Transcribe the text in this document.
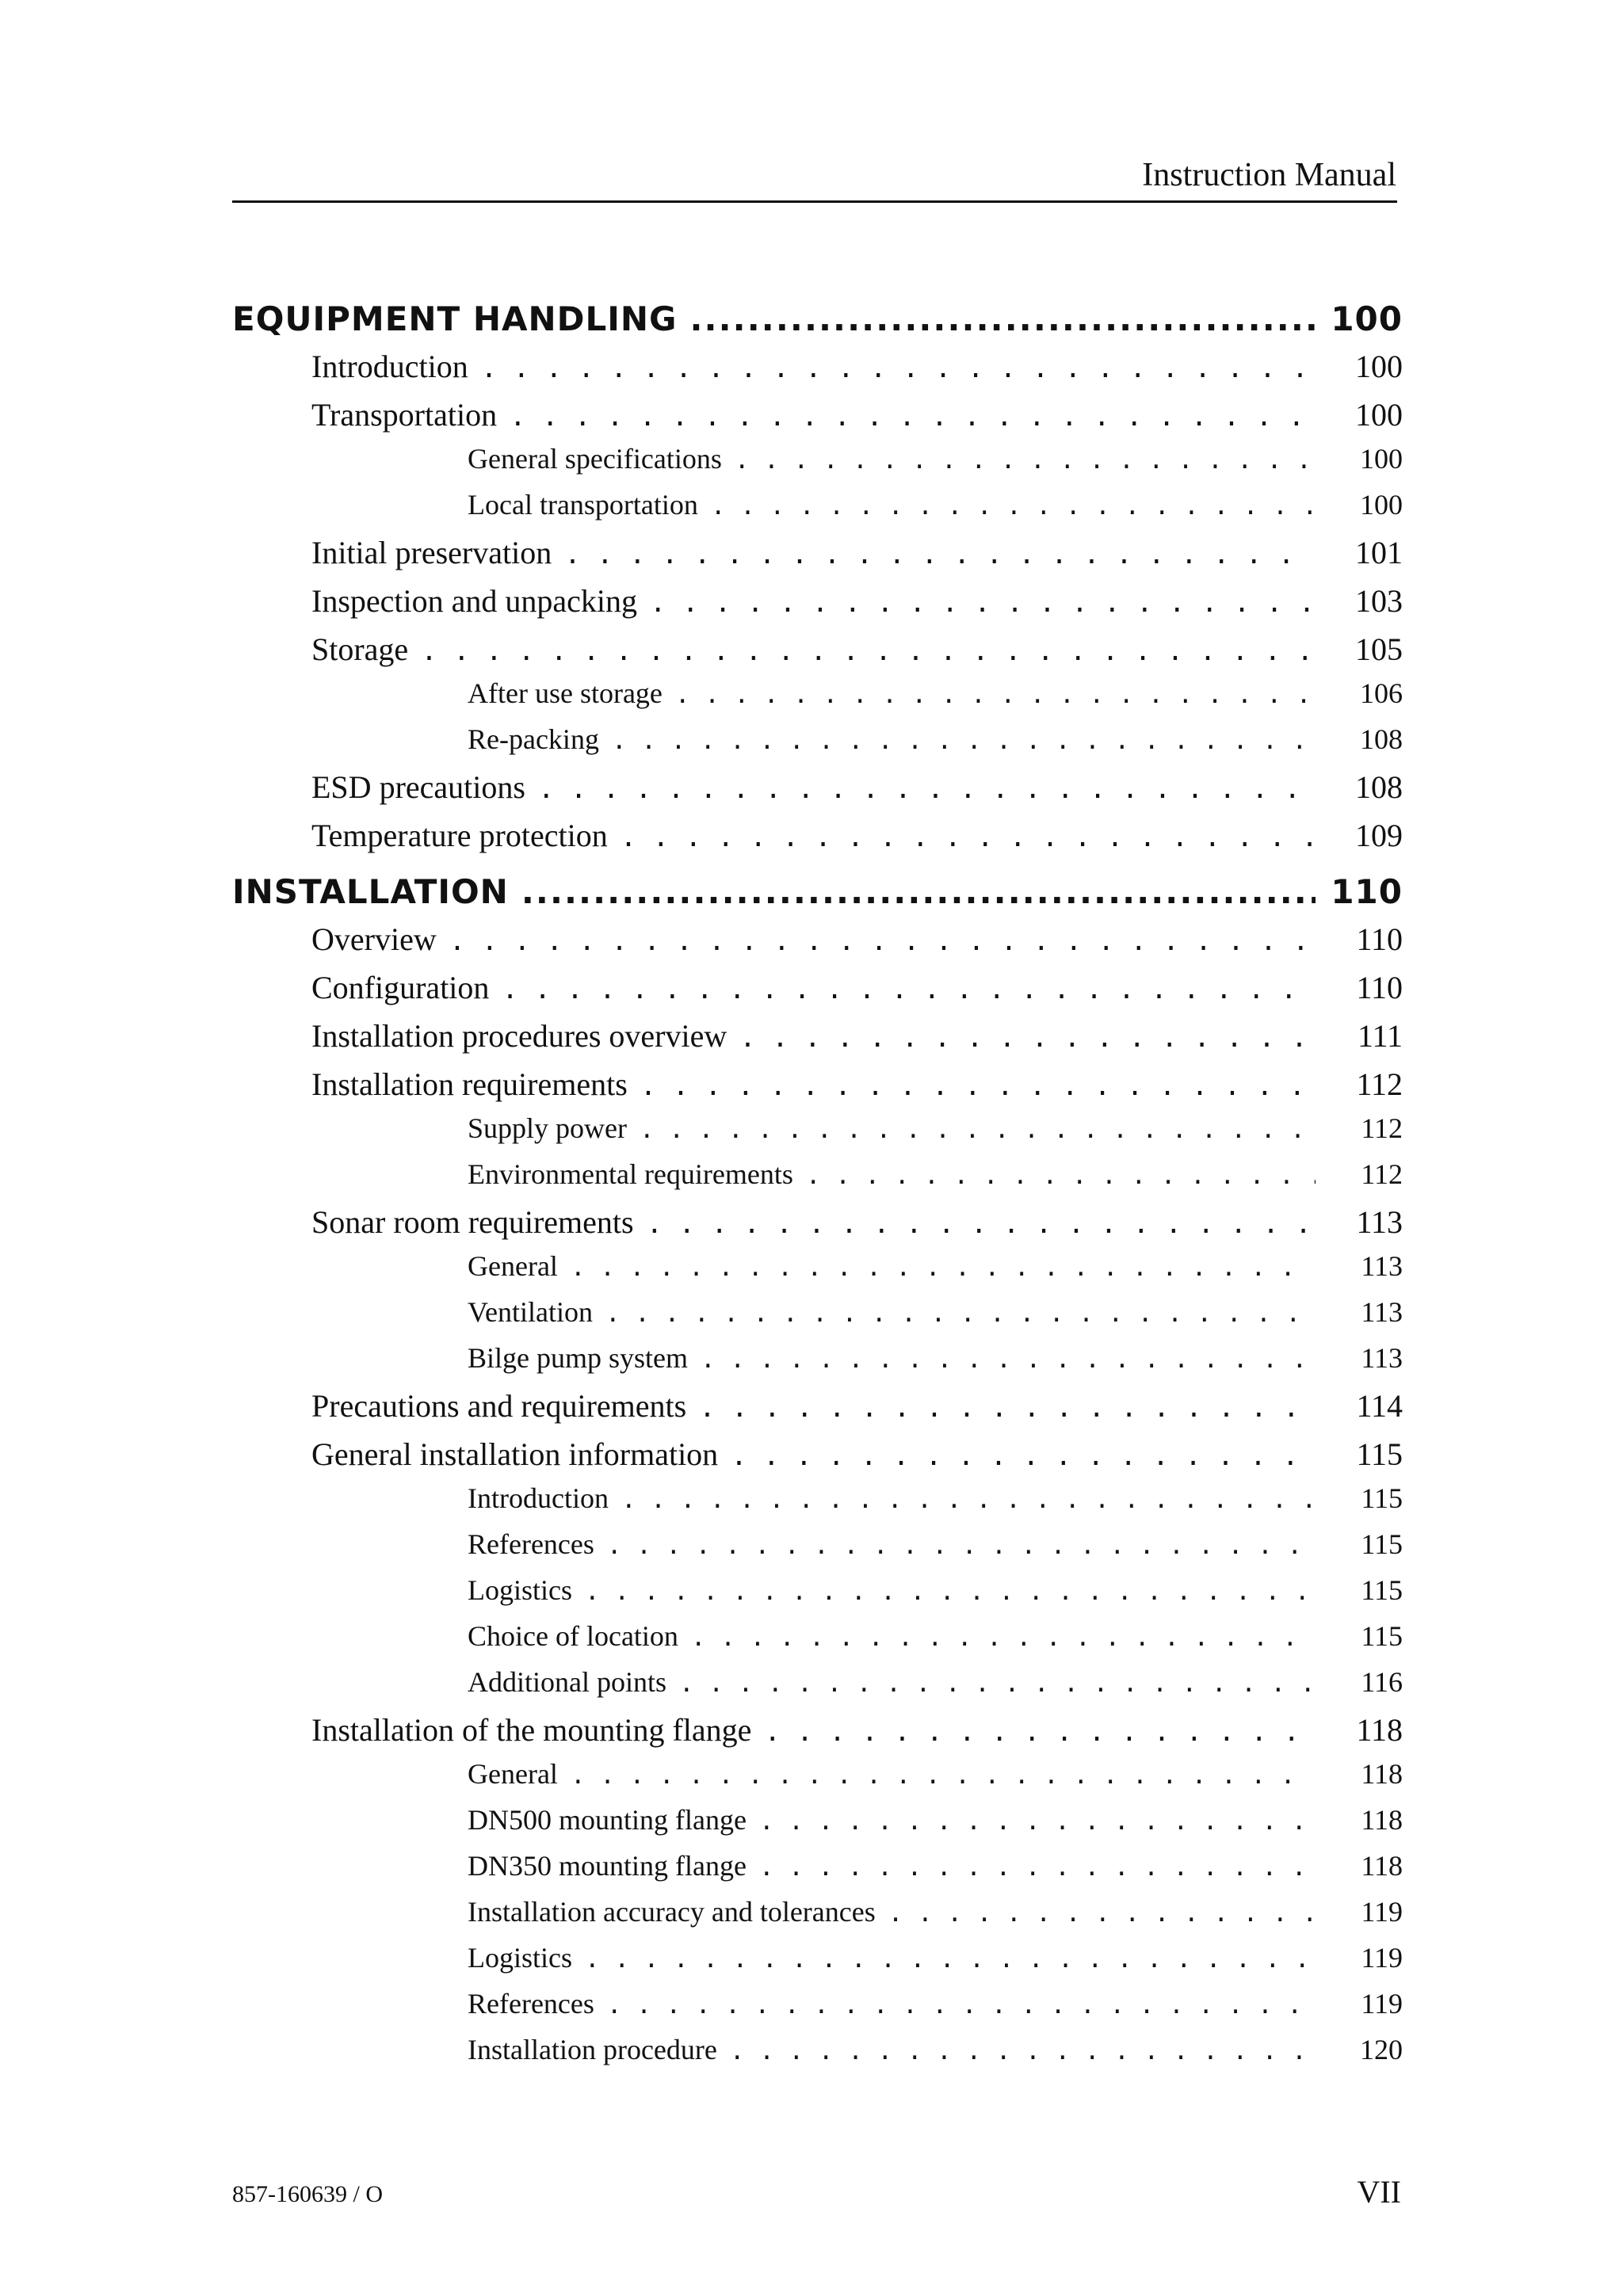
Instruction Manual
EQUIPMENT HANDLING .....	100
Introduction . . .	100
Transportation . . .	100
General specifications . . .	100
Local transportation . . .	100
Initial preservation . . .	101
Inspection and unpacking . . .	103
Storage . . .	105
After use storage . . .	106
Re-packing . . .	108
ESD precautions . . .	108
Temperature protection . . .	109
INSTALLATION .....	110
Overview . . .	110
Configuration . . .	110
Installation procedures overview . . .	111
Installation requirements . . .	112
Supply power . . .	112
Environmental requirements . . .	112
Sonar room requirements . . .	113
General . . .	113
Ventilation . . .	113
Bilge pump system . . .	113
Precautions and requirements . . .	114
General installation information . . .	115
Introduction . . .	115
References . . .	115
Logistics . . .	115
Choice of location . . .	115
Additional points . . .	116
Installation of the mounting flange . . .	118
General . . .	118
DN500 mounting flange . . .	118
DN350 mounting flange . . .	118
Installation accuracy and tolerances . . .	119
Logistics . . .	119
References . . .	119
Installation procedure . . .	120
857-160639 / O	VII
